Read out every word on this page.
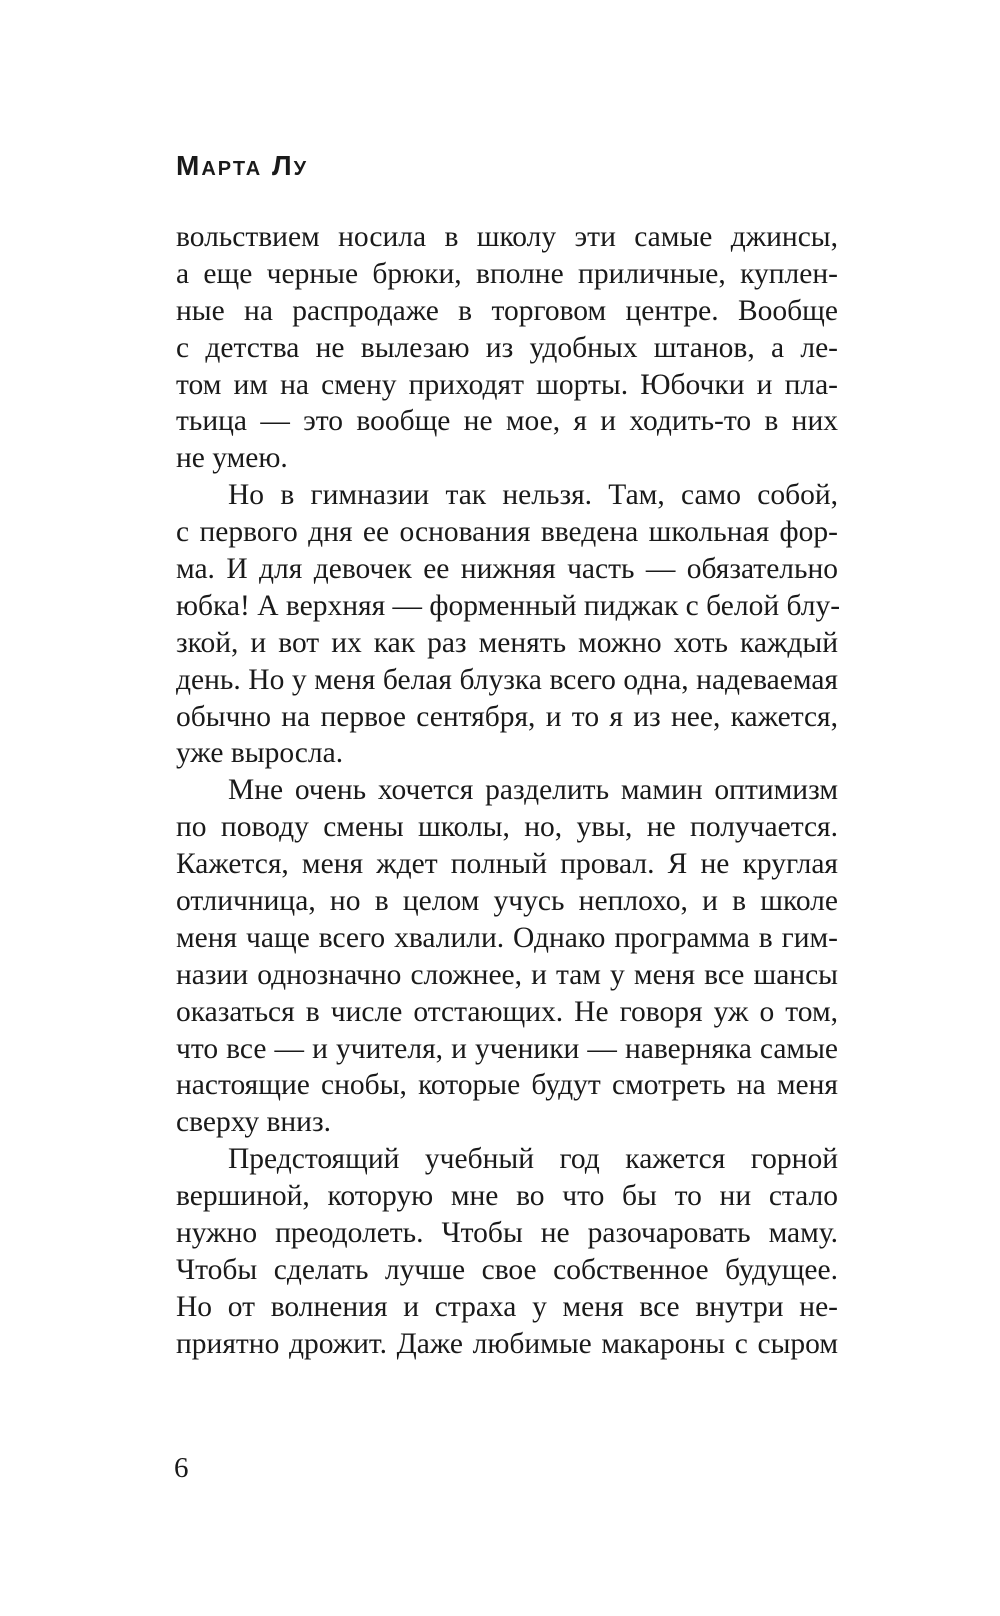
Марта Лу
вольствием носила в школу эти самые джинсы,
а еще черные брюки, вполне приличные, куплен-
ные на распродаже в торговом центре. Вообще
с детства не вылезаю из удобных штанов, а ле-
том им на смену приходят шорты. Юбочки и пла-
тьица — это вообще не мое, я и ходить-то в них
не умею.
Но в гимназии так нельзя. Там, само собой,
с первого дня ее основания введена школьная фор-
ма. И для девочек ее нижняя часть — обязательно
юбка! А верхняя — форменный пиджак с белой блу-
зкой, и вот их как раз менять можно хоть каждый
день. Но у меня белая блузка всего одна, надеваемая
обычно на первое сентября, и то я из нее, кажется,
уже выросла.
Мне очень хочется разделить мамин оптимизм
по поводу смены школы, но, увы, не получается.
Кажется, меня ждет полный провал. Я не круглая
отличница, но в целом учусь неплохо, и в школе
меня чаще всего хвалили. Однако программа в гим-
назии однозначно сложнее, и там у меня все шансы
оказаться в числе отстающих. Не говоря уж о том,
что все — и учителя, и ученики — наверняка самые
настоящие снобы, которые будут смотреть на меня
сверху вниз.
Предстоящий учебный год кажется горной
вершиной, которую мне во что бы то ни стало
нужно преодолеть. Чтобы не разочаровать маму.
Чтобы сделать лучше свое собственное будущее.
Но от волнения и страха у меня все внутри не-
приятно дрожит. Даже любимые макароны с сыром
6
